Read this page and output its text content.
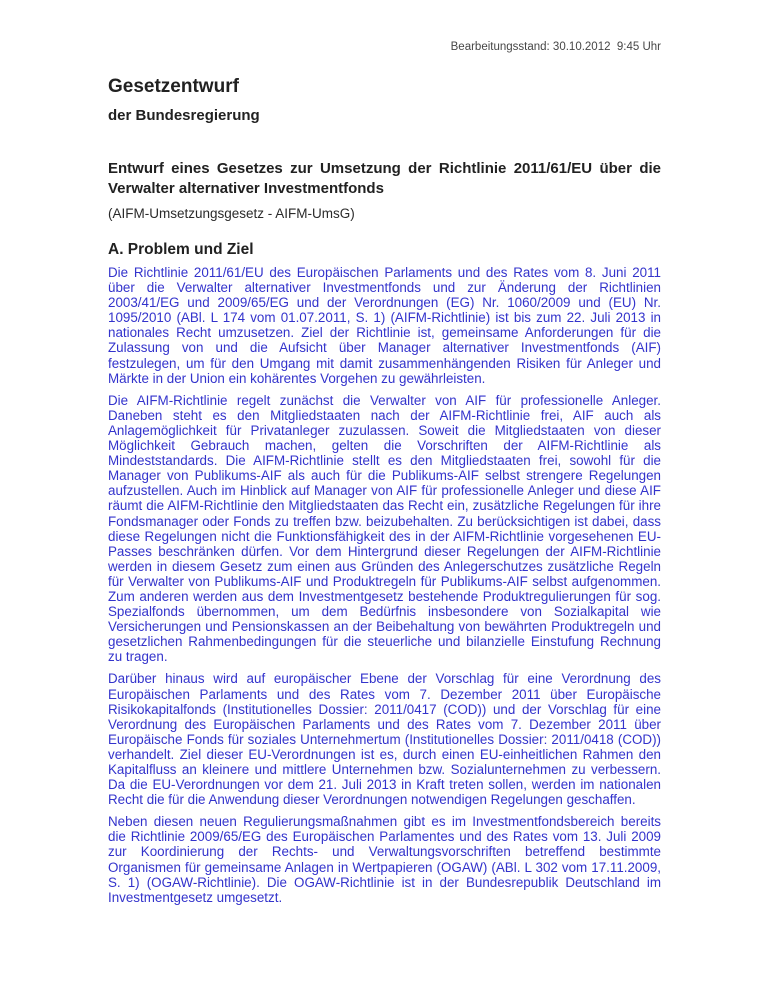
Bearbeitungsstand: 30.10.2012  9:45 Uhr
Gesetzentwurf
der Bundesregierung
Entwurf eines Gesetzes zur Umsetzung der Richtlinie 2011/61/EU über die Verwalter alternativer Investmentfonds
(AIFM-Umsetzungsgesetz - AIFM-UmsG)
A. Problem und Ziel

Die Richtlinie 2011/61/EU des Europäischen Parlaments und des Rates vom 8. Juni 2011 über die Verwalter alternativer Investmentfonds und zur Änderung der Richtlinien 2003/41/EG und 2009/65/EG und der Verordnungen (EG) Nr. 1060/2009 und (EU) Nr. 1095/2010 (ABl. L 174 vom 01.07.2011, S. 1) (AIFM-Richtlinie) ist bis zum 22. Juli 2013 in nationales Recht umzusetzen. Ziel der Richtlinie ist, gemeinsame Anforderungen für die Zulassung von und die Aufsicht über Manager alternativer Investmentfonds (AIF) festzulegen, um für den Umgang mit damit zusammenhängenden Risiken für Anleger und Märkte in der Union ein kohärentes Vorgehen zu gewährleisten.

Die AIFM-Richtlinie regelt zunächst die Verwalter von AIF für professionelle Anleger. Daneben steht es den Mitgliedstaaten nach der AIFM-Richtlinie frei, AIF auch als Anlagemöglichkeit für Privatanleger zuzulassen. Soweit die Mitgliedstaaten von dieser Möglichkeit Gebrauch machen, gelten die Vorschriften der AIFM-Richtlinie als Mindeststandards. Die AIFM-Richtlinie stellt es den Mitgliedstaaten frei, sowohl für die Manager von Publikums-AIF als auch für die Publikums-AIF selbst strengere Regelungen aufzustellen. Auch im Hinblick auf Manager von AIF für professionelle Anleger und diese AIF räumt die AIFM-Richtlinie den Mitgliedstaaten das Recht ein, zusätzliche Regelungen für ihre Fondsmanager oder Fonds zu treffen bzw. beizubehalten. Zu berücksichtigen ist dabei, dass diese Regelungen nicht die Funktionsfähigkeit des in der AIFM-Richtlinie vorgesehenen EU-Passes beschränken dürfen. Vor dem Hintergrund dieser Regelungen der AIFM-Richtlinie werden in diesem Gesetz zum einen aus Gründen des Anlegerschutzes zusätzliche Regeln für Verwalter von Publikums-AIF und Produktregeln für Publikums-AIF selbst aufgenommen. Zum anderen werden aus dem Investmentgesetz bestehende Produktregulierungen für sog. Spezialfonds übernommen, um dem Bedürfnis insbesondere von Sozialkapital wie Versicherungen und Pensionskassen an der Beibehaltung von bewährten Produktregeln und gesetzlichen Rahmenbedingungen für die steuerliche und bilanzielle Einstufung Rechnung zu tragen.

Darüber hinaus wird auf europäischer Ebene der Vorschlag für eine Verordnung des Europäischen Parlaments und des Rates vom 7. Dezember 2011 über Europäische Risikokapitalfonds (Institutionelles Dossier: 2011/0417 (COD)) und der Vorschlag für eine Verordnung des Europäischen Parlaments und des Rates vom 7. Dezember 2011 über Europäische Fonds für soziales Unternehmertum (Institutionelles Dossier: 2011/0418 (COD)) verhandelt. Ziel dieser EU-Verordnungen ist es, durch einen EU-einheitlichen Rahmen den Kapitalfluss an kleinere und mittlere Unternehmen bzw. Sozialunternehmen zu verbessern. Da die EU-Verordnungen vor dem 21. Juli 2013 in Kraft treten sollen, werden im nationalen Recht die für die Anwendung dieser Verordnungen notwendigen Regelungen geschaffen.

Neben diesen neuen Regulierungsmaßnahmen gibt es im Investmentfondsbereich bereits die Richtlinie 2009/65/EG des Europäischen Parlamentes und des Rates vom 13. Juli 2009 zur Koordinierung der Rechts- und Verwaltungsvorschriften betreffend bestimmte Organismen für gemeinsame Anlagen in Wertpapieren (OGAW) (ABl. L 302 vom 17.11.2009, S. 1) (OGAW-Richtlinie). Die OGAW-Richtlinie ist in der Bundesrepublik Deutschland im Investmentgesetz umgesetzt.
